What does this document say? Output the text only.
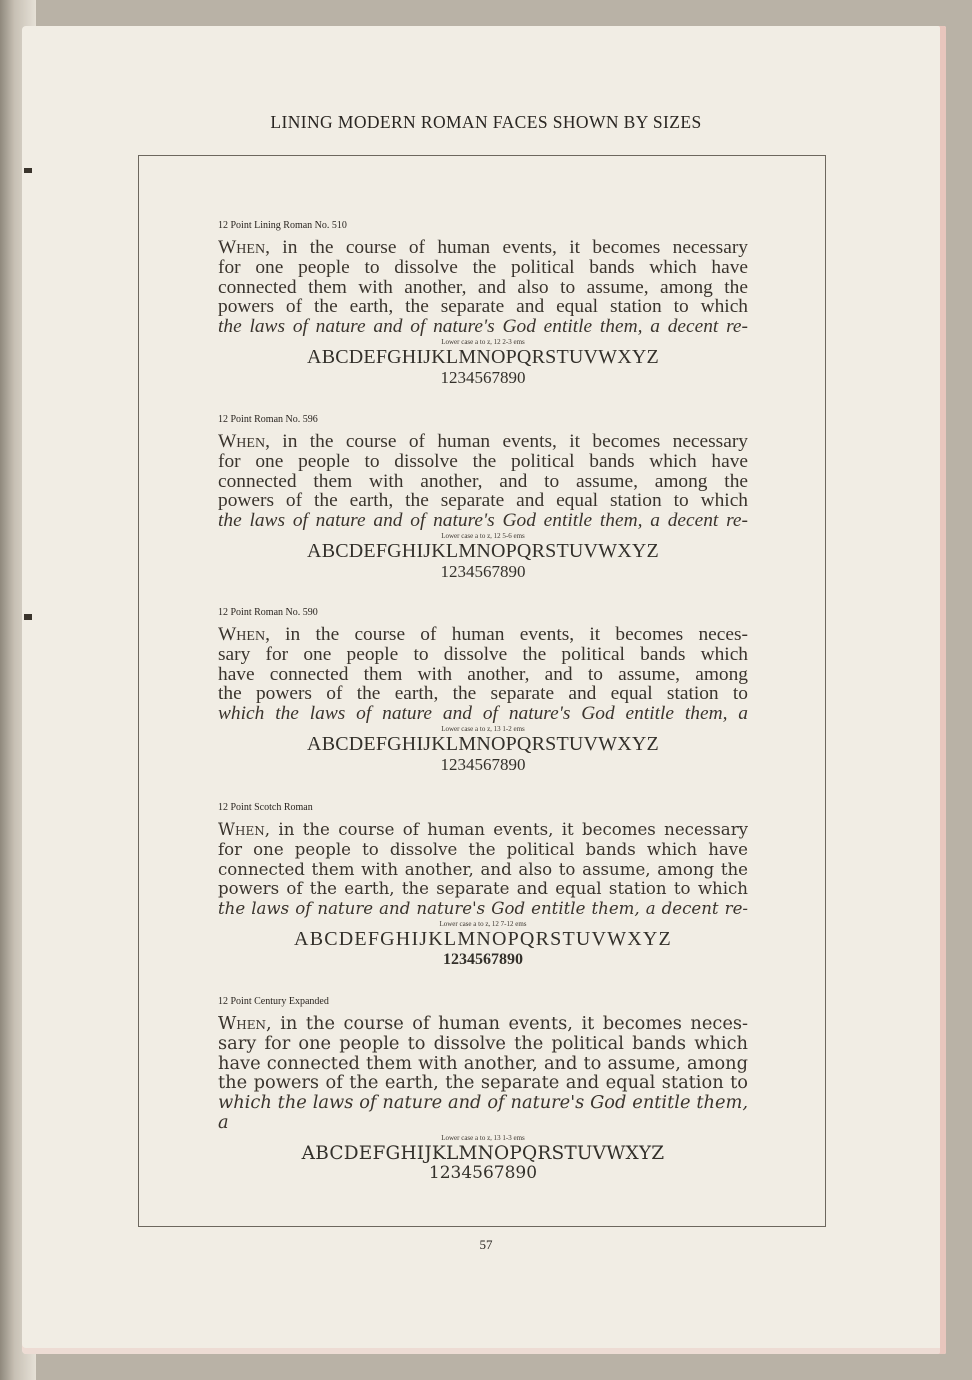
LINING MODERN ROMAN FACES SHOWN BY SIZES
12 Point Lining Roman No. 510

When, in the course of human events, it becomes necessary

for one people to dissolve the political bands which have

connected them with another, and also to assume, among the

powers of the earth, the separate and equal station to which

the laws of nature and of nature's God entitle them, a decent re-

Lower case a to z, 12 2-3 ems
ABCDEFGHIJKLMNOPQRSTUVWXYZ
1234567890
12 Point Roman No. 596

When, in the course of human events, it becomes necessary

for one people to dissolve the political bands which have

connected them with another, and to assume, among the

powers of the earth, the separate and equal station to which

the laws of nature and of nature's God entitle them, a decent re-

Lower case a to z, 12 5-6 ems
ABCDEFGHIJKLMNOPQRSTUVWXYZ
1234567890
12 Point Roman No. 590

When, in the course of human events, it becomes neces-

sary for one people to dissolve the political bands which

have connected them with another, and to assume, among

the powers of the earth, the separate and equal station to

which the laws of nature and of nature's God entitle them, a

Lower case a to z, 13 1-2 ems
ABCDEFGHIJKLMNOPQRSTUVWXYZ
1234567890
12 Point Scotch Roman

When, in the course of human events, it becomes necessary

for one people to dissolve the political bands which have

connected them with another, and also to assume, among the

powers of the earth, the separate and equal station to which

the laws of nature and nature's God entitle them, a decent re-

Lower case a to z, 12 7-12 ems
ABCDEFGHIJKLMNOPQRSTUVWXYZ
1234567890
12 Point Century Expanded

When, in the course of human events, it becomes neces-

sary for one people to dissolve the political bands which

have connected them with another, and to assume, among

the powers of the earth, the separate and equal station to

which the laws of nature and of nature's God entitle them, a

Lower case a to z, 13 1-3 ems
ABCDEFGHIJKLMNOPQRSTUVWXYZ
1234567890
57
